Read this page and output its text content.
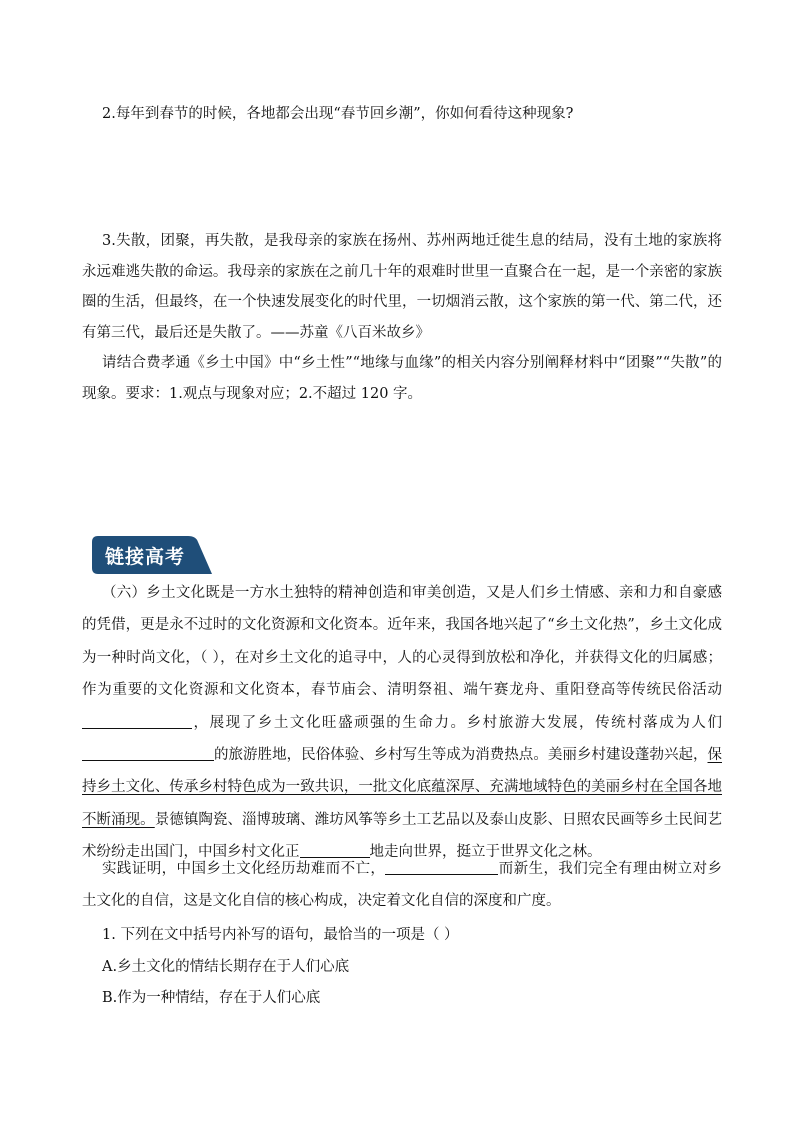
2.每年到春节的时候，各地都会出现“春节回乡潮”，你如何看待这种现象?
3.失散，团聚，再失散，是我母亲的家族在扬州、苏州两地迁徙生息的结局，没有土地的家族将永远难逃失散的命运。我母亲的家族在之前几十年的艰难时世里一直聚合在一起，是一个亲密的家族圈的生活，但最终，在一个快速发展变化的时代里，一切烟消云散，这个家族的第一代、第二代，还有第三代，最后还是失散了。——苏童《八百米故乡》
请结合费孝通《乡土中国》中“乡土性”“地缘与血缘”的相关内容分别阐释材料中“团聚”“失散”的现象。要求：1.观点与现象对应；2.不超过 120 字。
链接高考
（六）乡土文化既是一方水土独特的精神创造和审美创造，又是人们乡土情感、亲和力和自豪感的凭借，更是永不过时的文化资源和文化资本。近年来，我国各地兴起了“乡土文化热”，乡土文化成为一种时尚文化，（ ），在对乡土文化的追寻中，人的心灵得到放松和净化，并获得文化的归属感；作为重要的文化资源和文化资本，春节庙会、清明祭祖、端午赛龙舟、重阳登高等传统民俗活动，展现了乡土文化旺盛顽强的生命力。乡村旅游大发展，传统村落成为人们的旅游胜地，民俗体验、乡村写生等成为消费热点。美丽乡村建设蓬勃兴起，保持乡土文化、传承乡村特色成为一致共识，一批文化底蕴深厚、充满地域特色的美丽乡村在全国各地不断涌现。景德镇陶瓷、淄博玻璃、潍坊风筝等乡土工艺品以及泰山皮影、日照农民画等乡土民间艺术纷纷走出国门，中国乡村文化正	地走向世界，挺立于世界文化之林。
实践证明，中国乡土文化经历劫难而不亡，	而新生，我们完全有理由树立对乡土文化的自信，这是文化自信的核心构成，决定着文化自信的深度和广度。
1. 下列在文中括号内补写的语句，最恰当的一项是（ ）
A.乡土文化的情结长期存在于人们心底
B.作为一种情结，存在于人们心底
